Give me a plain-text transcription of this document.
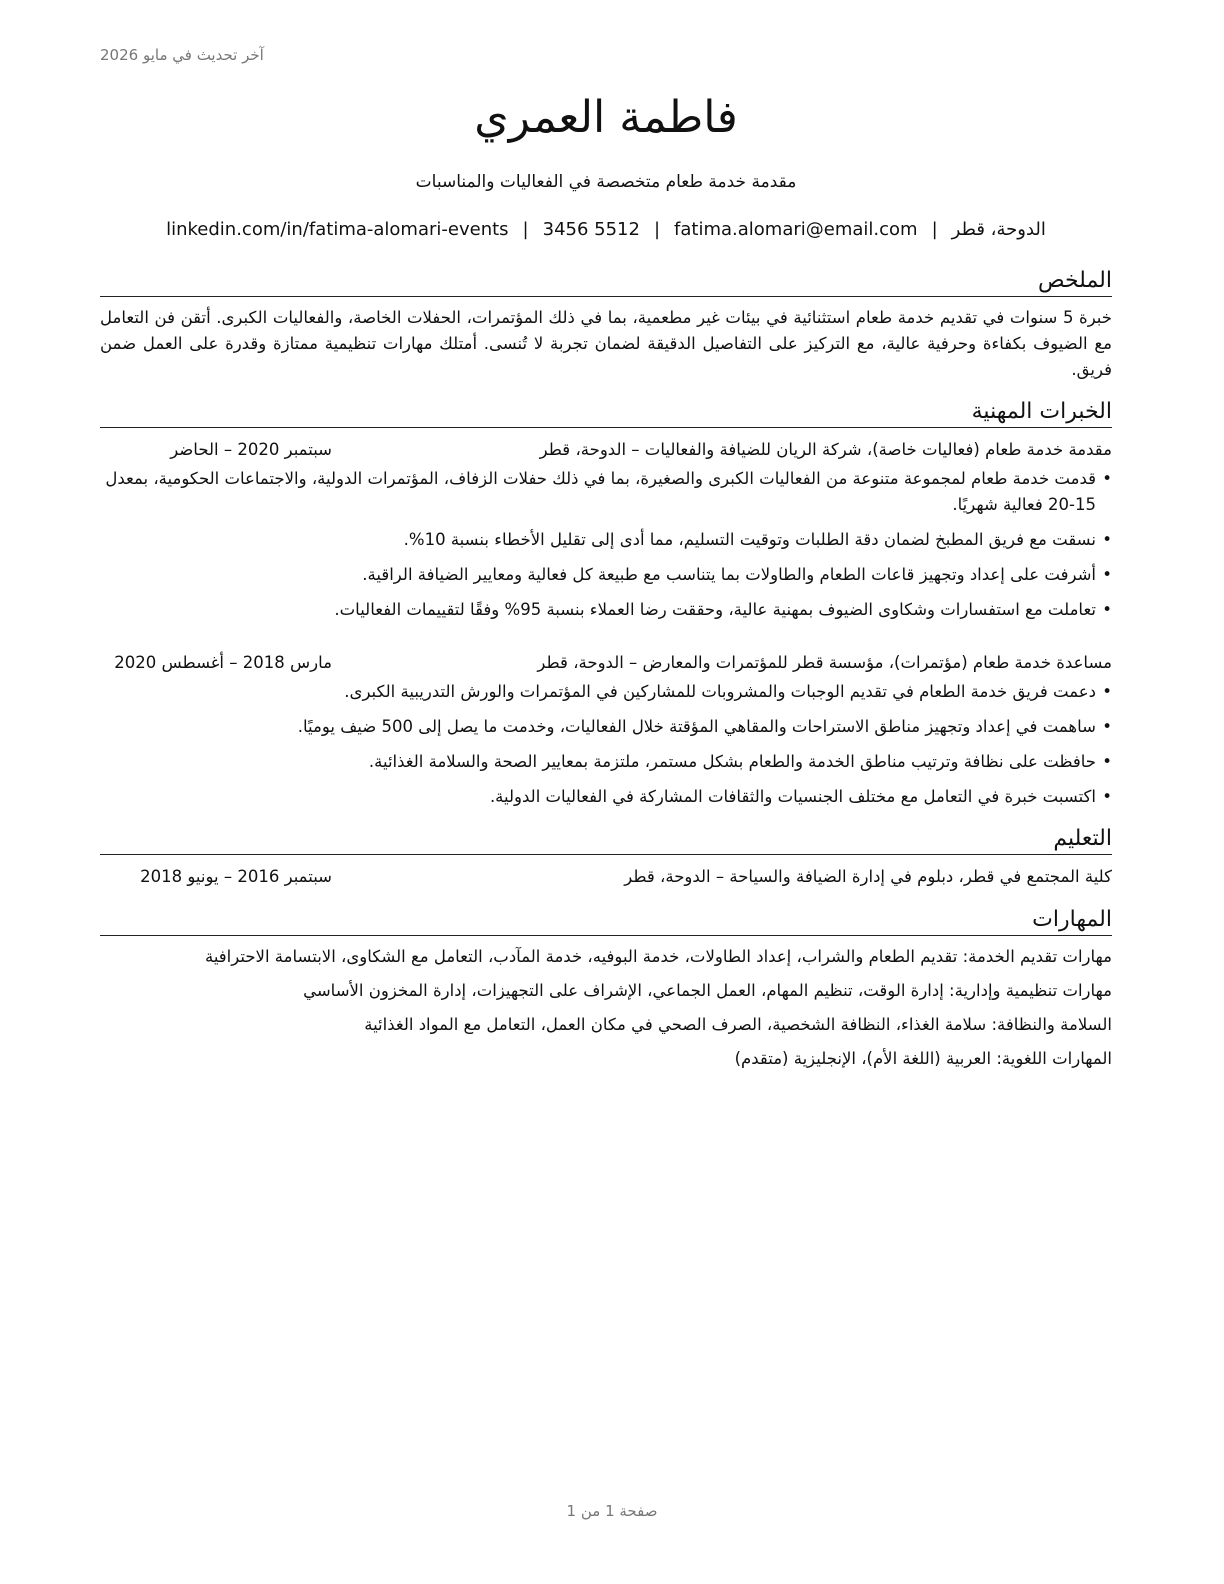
آخر تحديث في مايو 2026
فاطمة العمري
مقدمة خدمة طعام متخصصة في الفعاليات والمناسبات
الدوحة، قطر|fatima.alomari@email.com|3456 5512|linkedin.com/in/fatima-alomari-events
الملخص

خبرة 5 سنوات في تقديم خدمة طعام استثنائية في بيئات غير مطعمية، بما في ذلك المؤتمرات، الحفلات الخاصة، والفعاليات الكبرى. أتقن فن التعامل مع الضيوف بكفاءة وحرفية عالية، مع التركيز على التفاصيل الدقيقة لضمان تجربة لا تُنسى. أمتلك مهارات تنظيمية ممتازة وقدرة على العمل ضمن فريق.

الخبرات المهنية
مقدمة خدمة طعام (فعاليات خاصة)، شركة الريان للضيافة والفعاليات – الدوحة، قطر
سبتمبر 2020 – الحاضر
• قدمت خدمة طعام لمجموعة متنوعة من الفعاليات الكبرى والصغيرة، بما في ذلك حفلات الزفاف، المؤتمرات الدولية، والاجتماعات الحكومية، بمعدل 15-20 فعالية شهريًا.
• نسقت مع فريق المطبخ لضمان دقة الطلبات وتوقيت التسليم، مما أدى إلى تقليل الأخطاء بنسبة 10%.
• أشرفت على إعداد وتجهيز قاعات الطعام والطاولات بما يتناسب مع طبيعة كل فعالية ومعايير الضيافة الراقية.
• تعاملت مع استفسارات وشكاوى الضيوف بمهنية عالية، وحققت رضا العملاء بنسبة 95% وفقًا لتقييمات الفعاليات.
مساعدة خدمة طعام (مؤتمرات)، مؤسسة قطر للمؤتمرات والمعارض – الدوحة، قطر
مارس 2018 – أغسطس 2020
• دعمت فريق خدمة الطعام في تقديم الوجبات والمشروبات للمشاركين في المؤتمرات والورش التدريبية الكبرى.
• ساهمت في إعداد وتجهيز مناطق الاستراحات والمقاهي المؤقتة خلال الفعاليات، وخدمت ما يصل إلى 500 ضيف يوميًا.
• حافظت على نظافة وترتيب مناطق الخدمة والطعام بشكل مستمر، ملتزمة بمعايير الصحة والسلامة الغذائية.
• اكتسبت خبرة في التعامل مع مختلف الجنسيات والثقافات المشاركة في الفعاليات الدولية.
التعليم
كلية المجتمع في قطر، دبلوم في إدارة الضيافة والسياحة – الدوحة، قطر
سبتمبر 2016 – يونيو 2018
المهارات
مهارات تقديم الخدمة: تقديم الطعام والشراب، إعداد الطاولات، خدمة البوفيه، خدمة المآدب، التعامل مع الشكاوى، الابتسامة الاحترافية
مهارات تنظيمية وإدارية: إدارة الوقت، تنظيم المهام، العمل الجماعي، الإشراف على التجهيزات، إدارة المخزون الأساسي
السلامة والنظافة: سلامة الغذاء، النظافة الشخصية، الصرف الصحي في مكان العمل، التعامل مع المواد الغذائية
المهارات اللغوية: العربية (اللغة الأم)، الإنجليزية (متقدم)
صفحة 1 من 1
